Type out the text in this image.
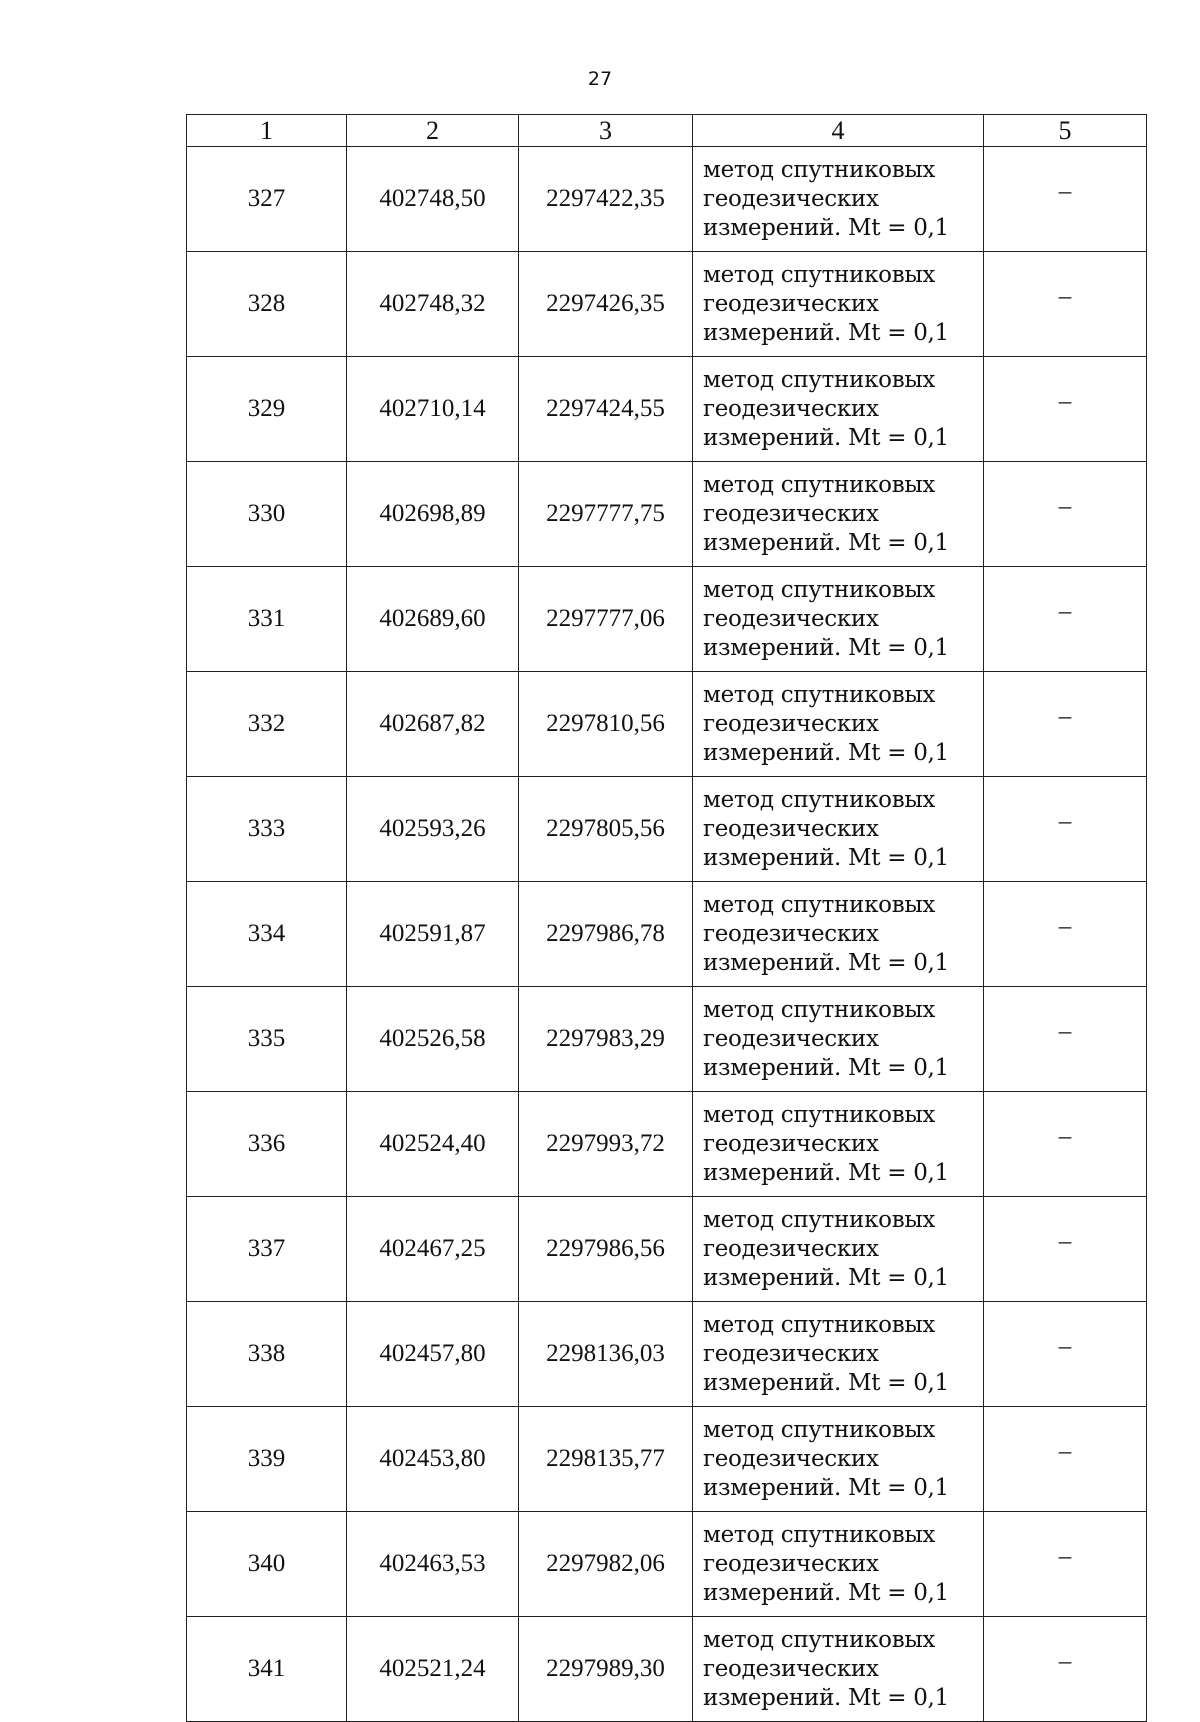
27
1	2	3	4	5
327	402748,50	2297422,35	метод спутниковых
геодезических
измерений. Mt = 0,1	–
328	402748,32	2297426,35	метод спутниковых
геодезических
измерений. Mt = 0,1	–
329	402710,14	2297424,55	метод спутниковых
геодезических
измерений. Mt = 0,1	–
330	402698,89	2297777,75	метод спутниковых
геодезических
измерений. Mt = 0,1	–
331	402689,60	2297777,06	метод спутниковых
геодезических
измерений. Mt = 0,1	–
332	402687,82	2297810,56	метод спутниковых
геодезических
измерений. Mt = 0,1	–
333	402593,26	2297805,56	метод спутниковых
геодезических
измерений. Mt = 0,1	–
334	402591,87	2297986,78	метод спутниковых
геодезических
измерений. Mt = 0,1	–
335	402526,58	2297983,29	метод спутниковых
геодезических
измерений. Mt = 0,1	–
336	402524,40	2297993,72	метод спутниковых
геодезических
измерений. Mt = 0,1	–
337	402467,25	2297986,56	метод спутниковых
геодезических
измерений. Mt = 0,1	–
338	402457,80	2298136,03	метод спутниковых
геодезических
измерений. Mt = 0,1	–
339	402453,80	2298135,77	метод спутниковых
геодезических
измерений. Mt = 0,1	–
340	402463,53	2297982,06	метод спутниковых
геодезических
измерений. Mt = 0,1	–
341	402521,24	2297989,30	метод спутниковых
геодезических
измерений. Mt = 0,1	–
